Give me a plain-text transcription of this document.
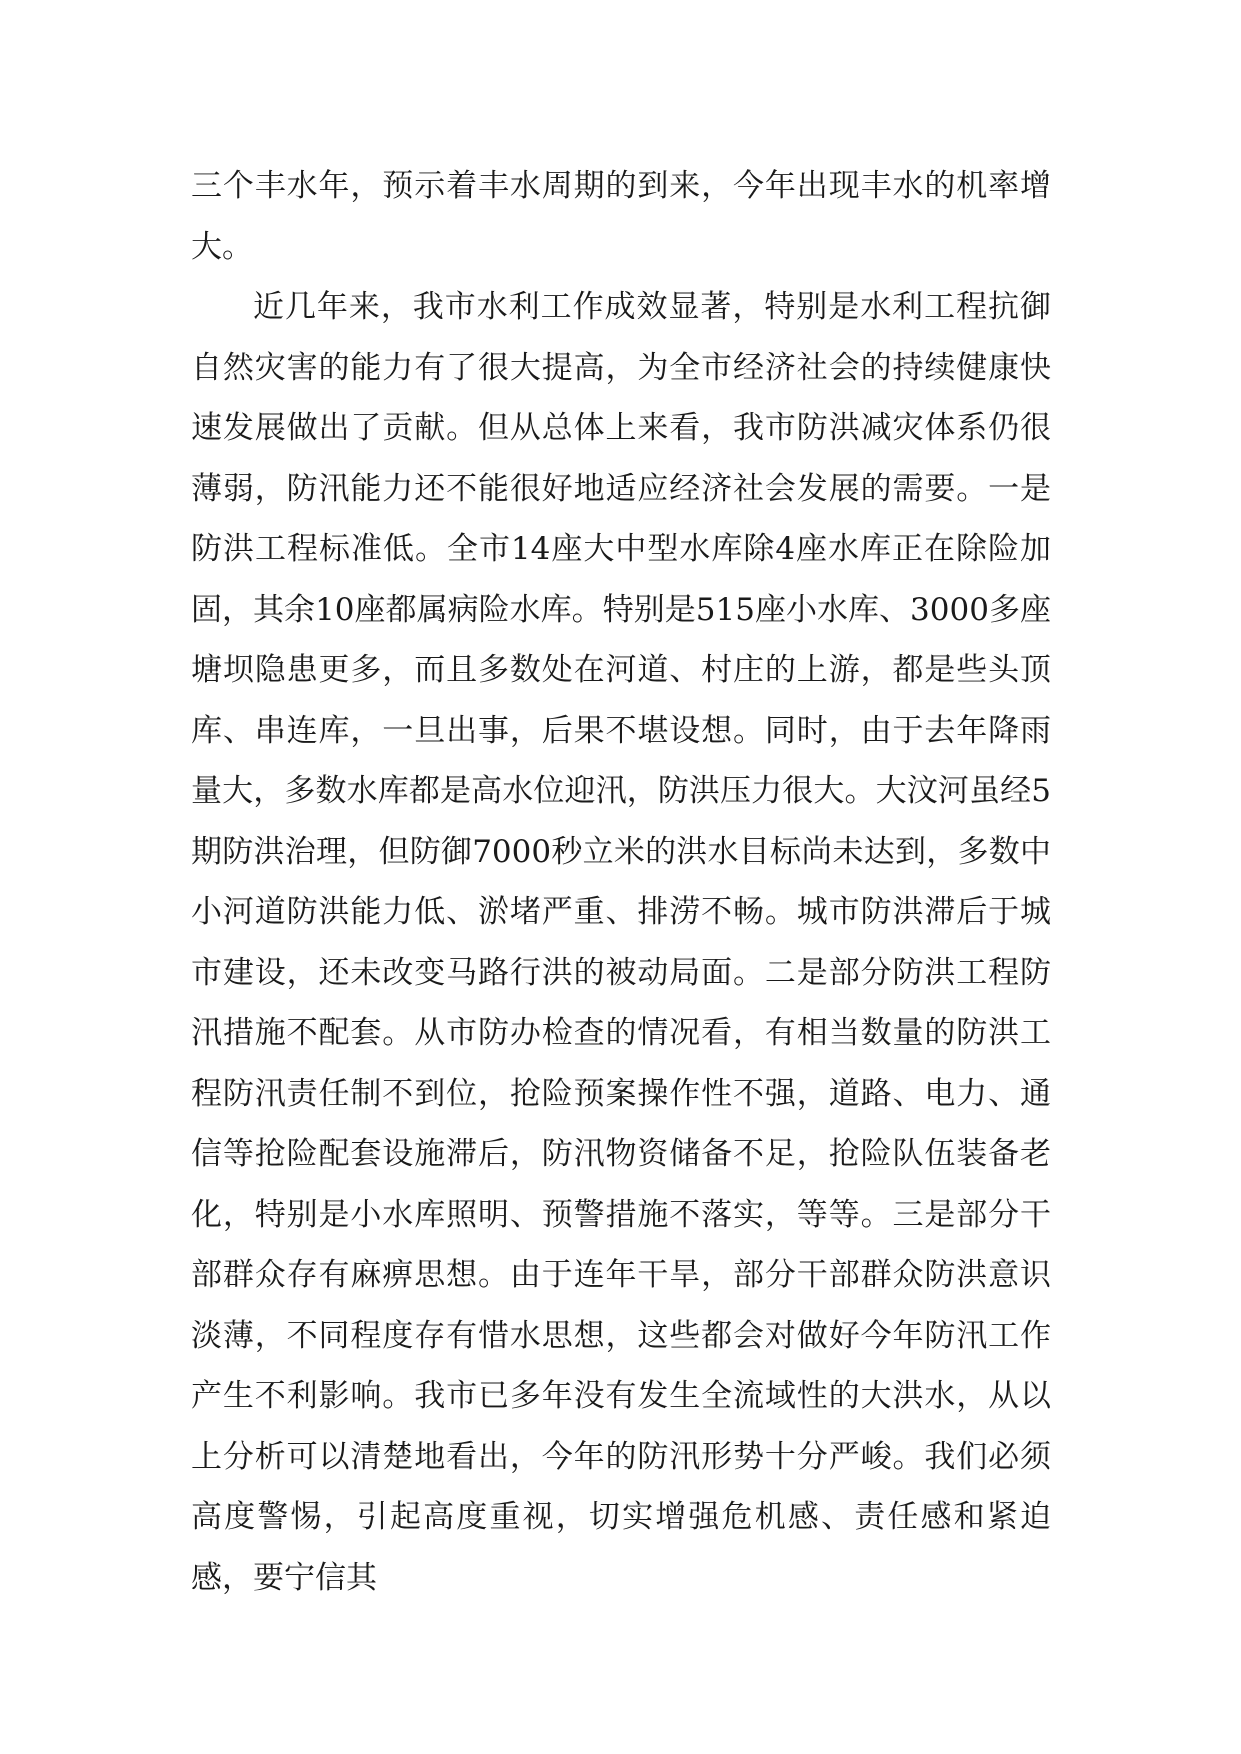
三个丰水年，预示着丰水周期的到来，今年出现丰水的机率增大。

近几年来，我市水利工作成效显著，特别是水利工程抗御自然灾害的能力有了很大提高，为全市经济社会的持续健康快速发展做出了贡献。但从总体上来看，我市防洪减灾体系仍很薄弱，防汛能力还不能很好地适应经济社会发展的需要。一是防洪工程标准低。全市14座大中型水库除4座水库正在除险加固，其余10座都属病险水库。特别是515座小水库、3000多座塘坝隐患更多，而且多数处在河道、村庄的上游，都是些头顶库、串连库，一旦出事，后果不堪设想。同时，由于去年降雨量大，多数水库都是高水位迎汛，防洪压力很大。大汶河虽经5期防洪治理，但防御7000秒立米的洪水目标尚未达到，多数中小河道防洪能力低、淤堵严重、排涝不畅。城市防洪滞后于城市建设，还未改变马路行洪的被动局面。二是部分防洪工程防汛措施不配套。从市防办检查的情况看，有相当数量的防洪工程防汛责任制不到位，抢险预案操作性不强，道路、电力、通信等抢险配套设施滞后，防汛物资储备不足，抢险队伍装备老化，特别是小水库照明、预警措施不落实，等等。三是部分干部群众存有麻痹思想。由于连年干旱，部分干部群众防洪意识淡薄，不同程度存有惜水思想，这些都会对做好今年防汛工作产生不利影响。我市已多年没有发生全流域性的大洪水，从以上分析可以清楚地看出，今年的防汛形势十分严峻。我们必须高度警惕，引起高度重视，切实增强危机感、责任感和紧迫感，要宁信其
